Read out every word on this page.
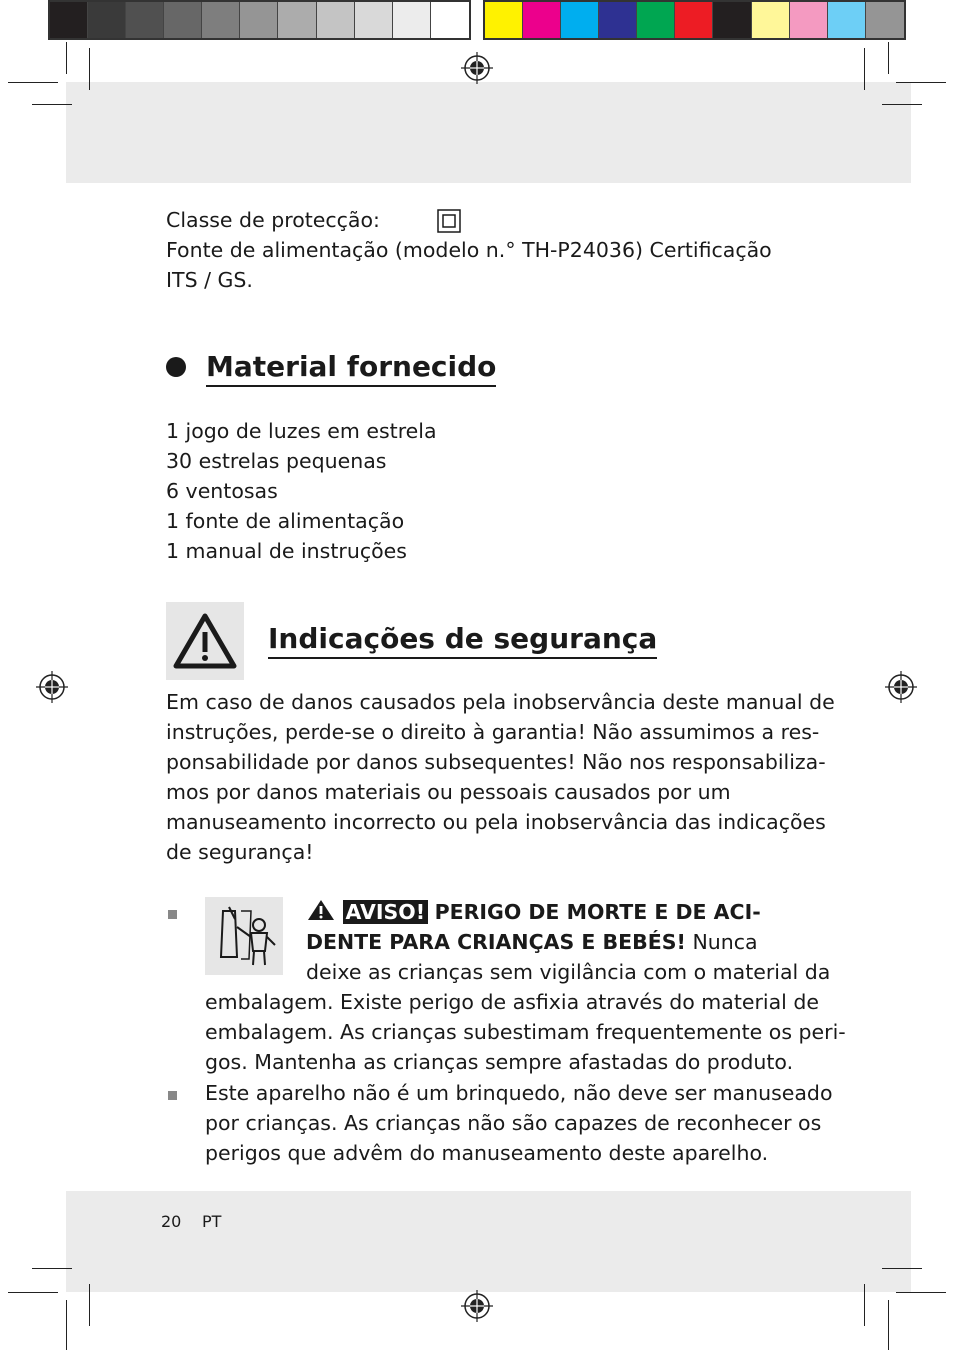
Classe de protecção:
Fonte de alimentação (modelo n.° TH-P24036) Certificação
ITS / GS.
Material fornecido
1 jogo de luzes em estrela
30 estrelas pequenas
6 ventosas
1 fonte de alimentação
1 manual de instruções
Indicações de segurança
Em caso de danos causados pela inobservância deste manual de
instruções, perde-se o direito à garantia! Não assumimos a res-
ponsabilidade por danos subsequentes! Não nos responsabiliza-
mos por danos materiais ou pessoais causados por um
manuseamento incorrecto ou pela inobservância das indicações
de segurança!
AVISO! PERIGO DE MORTE E DE ACI-
DENTE PARA CRIANÇAS E BEBÉS! Nunca
deixe as crianças sem vigilância com o material da
embalagem. Existe perigo de asfixia através do material de
embalagem. As crianças subestimam frequentemente os peri-
gos. Mantenha as crianças sempre afastadas do produto.
Este aparelho não é um brinquedo, não deve ser manuseado
por crianças. As crianças não são capazes de reconhecer os
perigos que advêm do manuseamento deste aparelho.
20 PT
